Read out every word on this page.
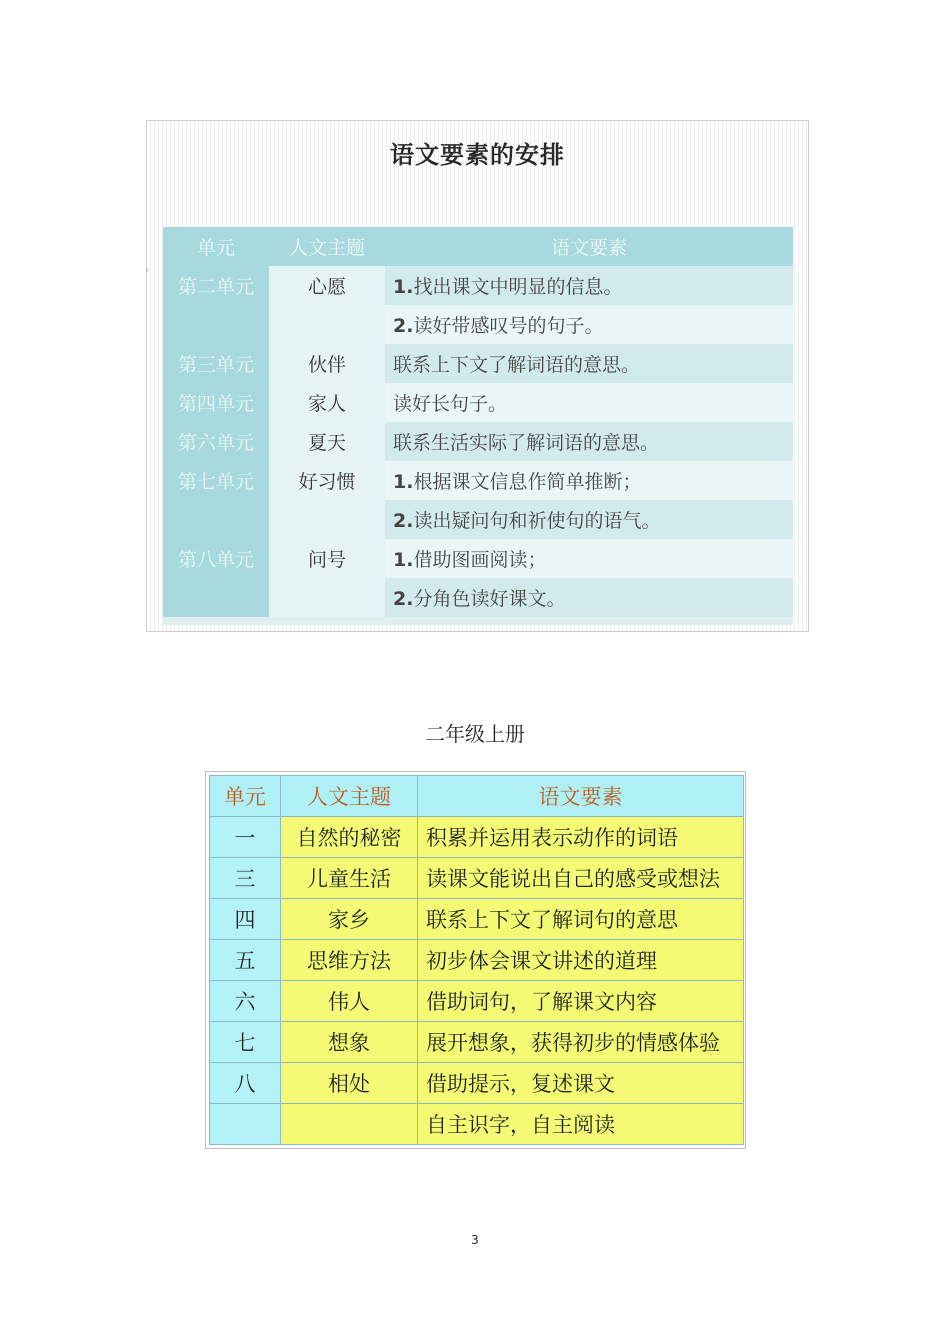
语文要素的安排
‹
单元	人文主题	语文要素
第二单元	心愿	1.找出课文中明显的信息。
		2.读好带感叹号的句子。
第三单元	伙伴	联系上下文了解词语的意思。
第四单元	家人	读好长句子。
第六单元	夏天	联系生活实际了解词语的意思。
第七单元	好习惯	1.根据课文信息作简单推断；
		2.读出疑问句和祈使句的语气。
第八单元	问号	1.借助图画阅读；
		2.分角色读好课文。
二年级上册
单元	人文主题	语文要素
一	自然的秘密	积累并运用表示动作的词语
三	儿童生活	读课文能说出自己的感受或想法
四	家乡	联系上下文了解词句的意思
五	思维方法	初步体会课文讲述的道理
六	伟人	借助词句，了解课文内容
七	想象	展开想象，获得初步的情感体验
八	相处	借助提示，复述课文
		自主识字，自主阅读
3
